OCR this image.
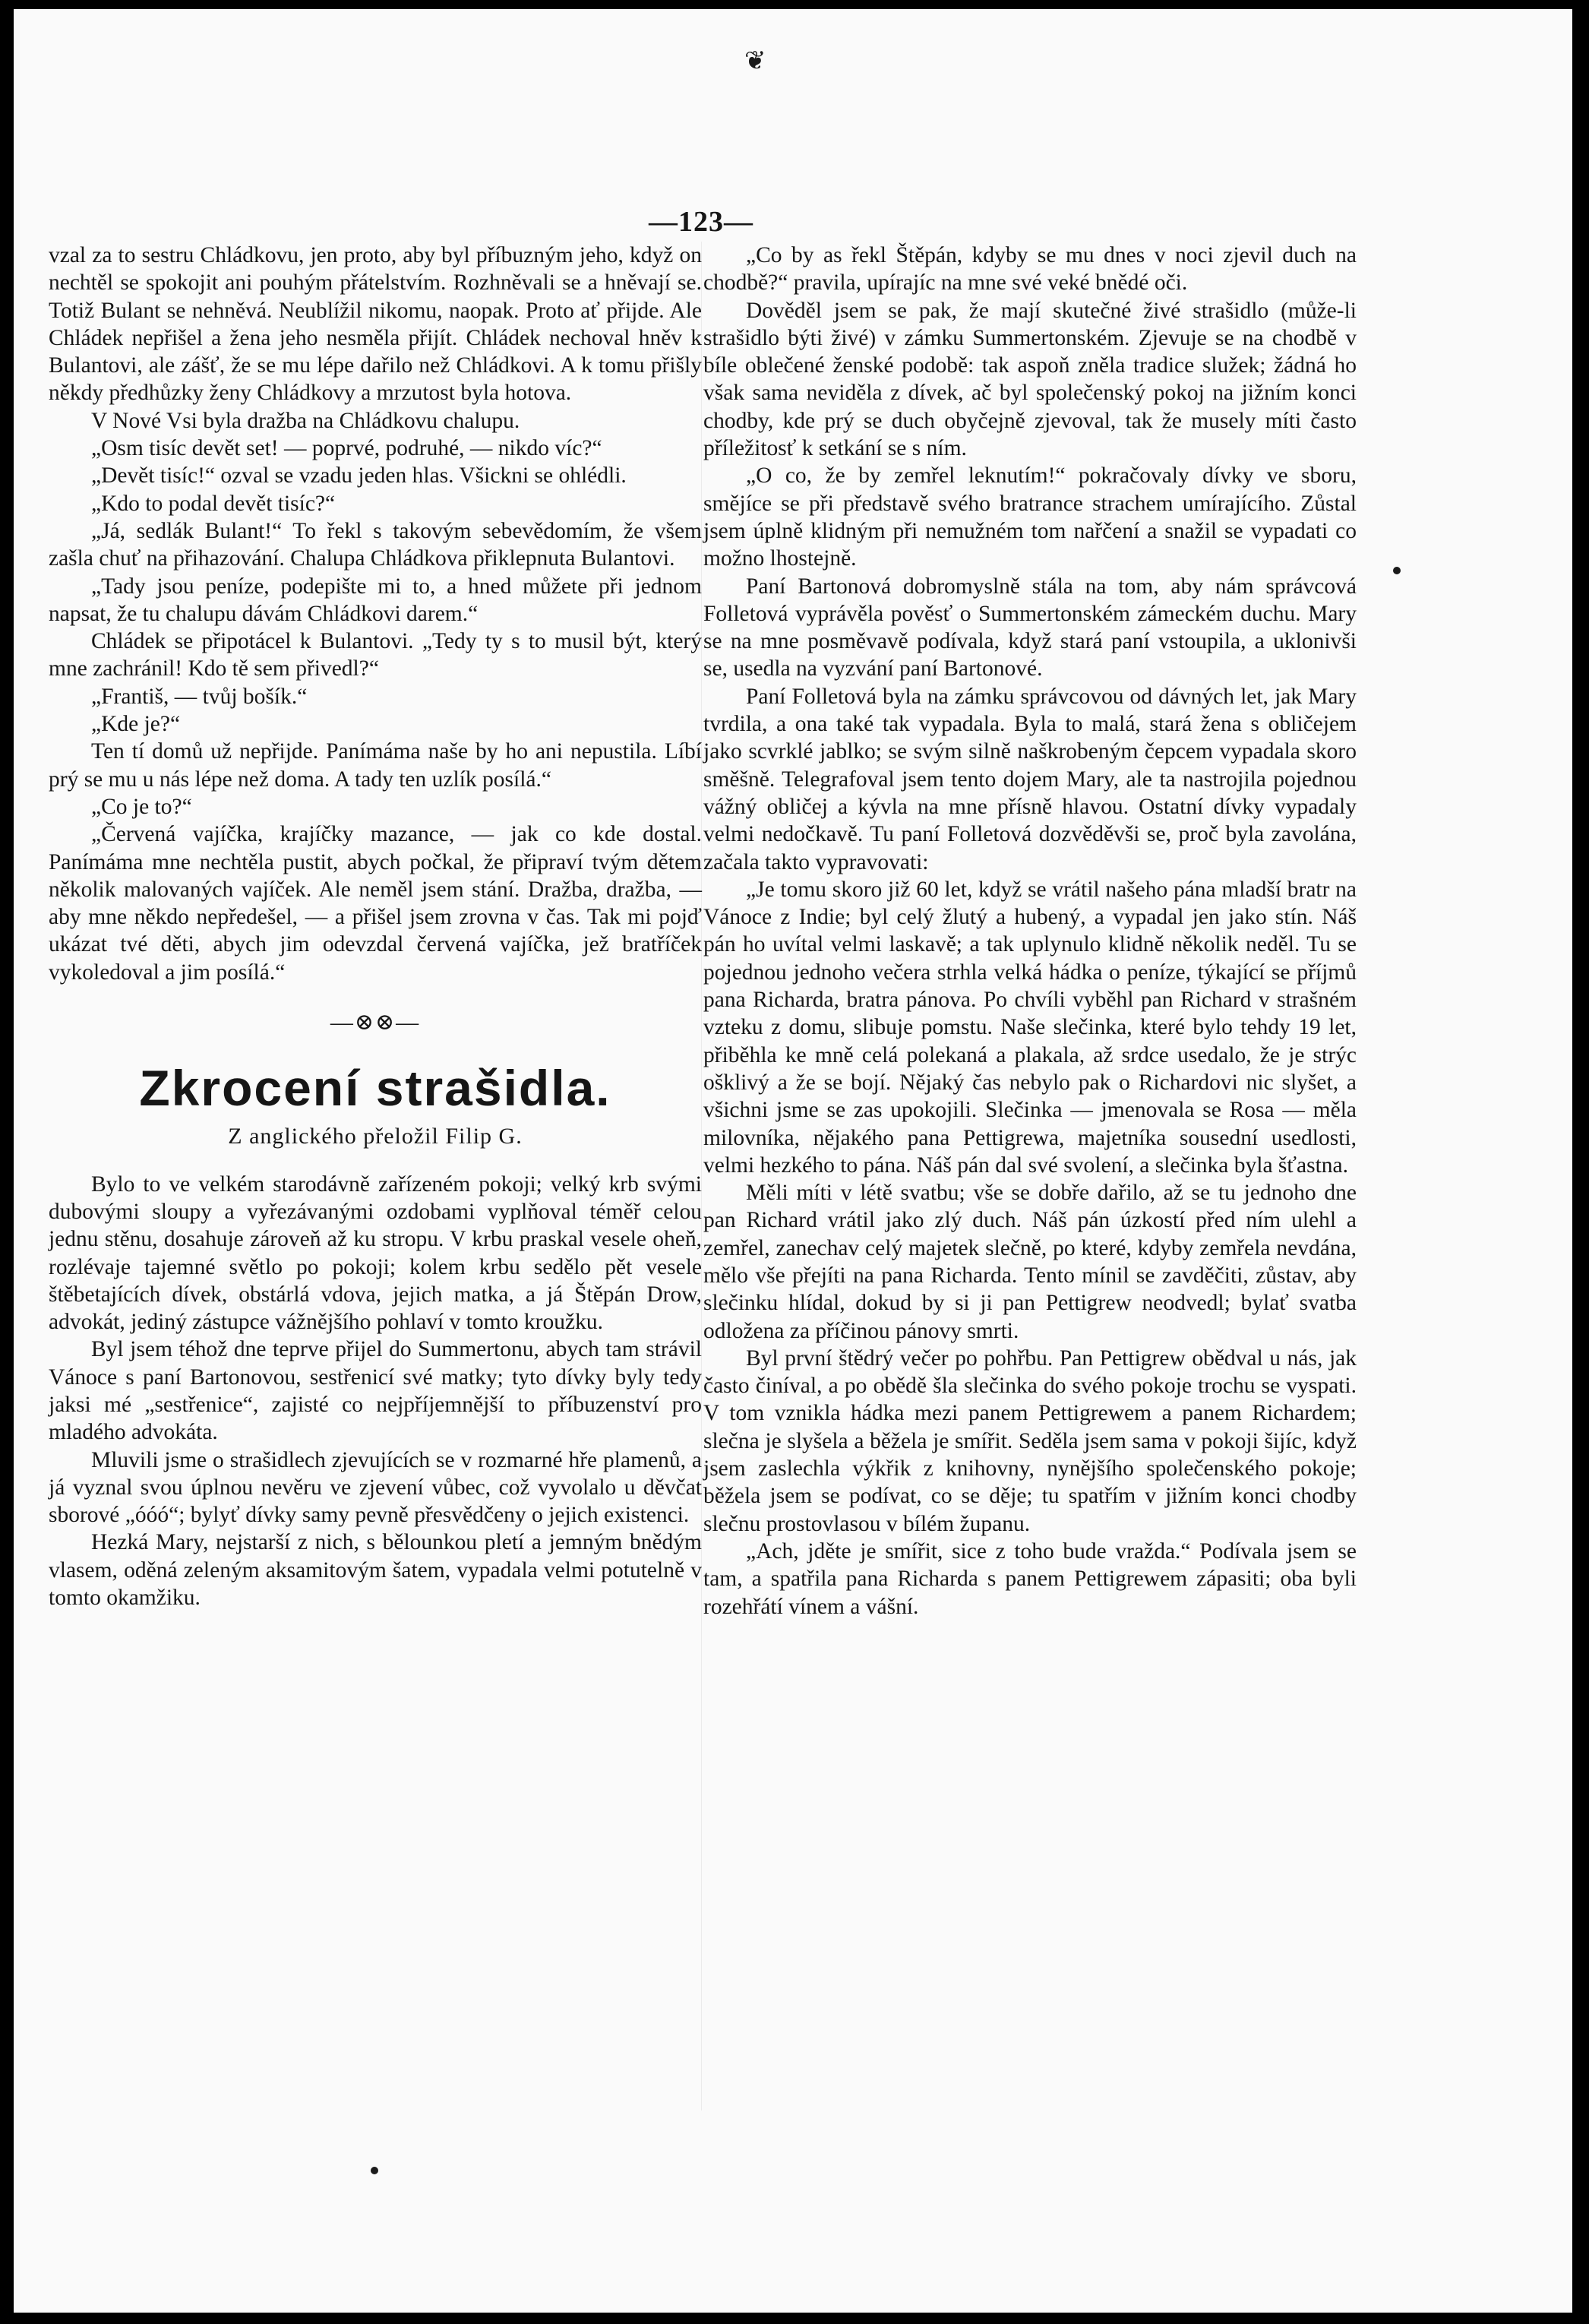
❦
—123—

vzal za to sestru Chládkovu, jen proto, aby byl příbuzným jeho, když on nechtěl se spokojit ani pouhým přátelstvím. Rozhněvali se a hněvají se. Totiž Bulant se nehněvá. Neublížil nikomu, naopak. Proto ať přijde. Ale Chládek nepřišel a žena jeho nesměla přijít. Chládek nechoval hněv k Bulantovi, ale zášť, že se mu lépe dařilo než Chládkovi. A k tomu přišly někdy předhůzky ženy Chládkovy a mrzutost byla hotova.

V Nové Vsi byla dražba na Chládkovu chalupu.

„Osm tisíc devět set! — poprvé, podruhé, — nikdo víc?“

„Devět tisíc!“ ozval se vzadu jeden hlas. Všickni se ohlédli.

„Kdo to podal devět tisíc?“

„Já, sedlák Bulant!“ To řekl s takovým sebevědomím, že všem zašla chuť na přihazování. Chalupa Chládkova přiklepnuta Bulantovi.

„Tady jsou peníze, podepište mi to, a hned můžete při jednom napsat, že tu chalupu dávám Chládkovi darem.“

Chládek se připotácel k Bulantovi. „Tedy ty s to musil být, který mne zachránil! Kdo tě sem přivedl?“

„Františ, — tvůj bošík.“

„Kde je?“

Ten tí domů už nepřijde. Panímáma naše by ho ani nepustila. Líbí prý se mu u nás lépe než doma. A tady ten uzlík posílá.“

„Co je to?“

„Červená vajíčka, krajíčky mazance, — jak co kde dostal. Panímáma mne nechtěla pustit, abych počkal, že připraví tvým dětem několik malovaných vajíček. Ale neměl jsem stání. Dražba, dražba, — aby mne někdo nepředešel, — a přišel jsem zrovna v čas. Tak mi pojď ukázat tvé děti, abych jim odevzdal červená vajíčka, jež bratříček vykoledoval a jim posílá.“

—⊗⊗—
Zkrocení strašidla.
Z anglického přeložil Filip G.

Bylo to ve velkém starodávně zařízeném pokoji; velký krb svými dubovými sloupy a vyřezávanými ozdobami vyplňoval téměř celou jednu stěnu, dosahuje zároveň až ku stropu. V krbu praskal vesele oheň, rozlévaje tajemné světlo po pokoji; kolem krbu sedělo pět vesele štěbetajících dívek, obstárlá vdova, jejich matka, a já Štěpán Drow, advokát, jediný zástupce vážnějšího pohlaví v tomto kroužku.

Byl jsem téhož dne teprve přijel do Summertonu, abych tam strávil Vánoce s paní Bartonovou, sestřenicí své matky; tyto dívky byly tedy jaksi mé „sestřenice“, zajisté co nejpříjemnější to příbuzenství pro mladého advokáta.

Mluvili jsme o strašidlech zjevujících se v rozmarné hře plamenů, a já vyznal svou úplnou nevěru ve zjevení vůbec, což vyvolalo u děvčat sborové „óóó“; bylyť dívky samy pevně přesvědčeny o jejich existenci.

Hezká Mary, nejstarší z nich, s bělounkou pletí a jemným bnědým vlasem, oděná zeleným aksamitovým šatem, vypadala velmi potutelně v tomto okamžiku.

„Co by as řekl Štěpán, kdyby se mu dnes v noci zjevil duch na chodbě?“ pravila, upírajíc na mne své veké bnědé oči.

Dověděl jsem se pak, že mají skutečné živé strašidlo (může-li strašidlo býti živé) v zámku Summertonském. Zjevuje se na chodbě v bíle oblečené ženské podobě: tak aspoň zněla tradice služek; žádná ho však sama neviděla z dívek, ač byl společenský pokoj na jižním konci chodby, kde prý se duch obyčejně zjevoval, tak že musely míti často příležitosť k setkání se s ním.

„O co, že by zemřel leknutím!“ pokračovaly dívky ve sboru, smějíce se při představě svého bratrance strachem umírajícího. Zůstal jsem úplně klidným při nemužném tom nařčení a snažil se vypadati co možno lhostejně.

Paní Bartonová dobromyslně stála na tom, aby nám správcová Folletová vyprávěla pověsť o Summertonském zámeckém duchu. Mary se na mne posměvavě podívala, když stará paní vstoupila, a uklonivši se, usedla na vyzvání paní Bartonové.

Paní Folletová byla na zámku správcovou od dávných let, jak Mary tvrdila, a ona také tak vypadala. Byla to malá, stará žena s obličejem jako scvrklé jablko; se svým silně naškrobeným čepcem vypadala skoro směšně. Telegrafoval jsem tento dojem Mary, ale ta nastrojila pojednou vážný obličej a kývla na mne přísně hlavou. Ostatní dívky vypadaly velmi nedočkavě. Tu paní Folletová dozvěděvši se, proč byla zavolána, začala takto vypravovati:

„Je tomu skoro již 60 let, když se vrátil našeho pána mladší bratr na Vánoce z Indie; byl celý žlutý a hubený, a vypadal jen jako stín. Náš pán ho uvítal velmi laskavě; a tak uplynulo klidně několik neděl. Tu se pojednou jednoho večera strhla velká hádka o peníze, týkající se příjmů pana Richarda, bratra pánova. Po chvíli vyběhl pan Richard v strašném vzteku z domu, slibuje pomstu. Naše slečinka, které bylo tehdy 19 let, přiběhla ke mně celá polekaná a plakala, až srdce usedalo, že je strýc ošklivý a že se bojí. Nějaký čas nebylo pak o Richardovi nic slyšet, a všichni jsme se zas upokojili. Slečinka — jmenovala se Rosa — měla milovníka, nějakého pana Pettigrewa, majetníka sousední usedlosti, velmi hezkého to pána. Náš pán dal své svolení, a slečinka byla šťastna.

Měli míti v létě svatbu; vše se dobře dařilo, až se tu jednoho dne pan Richard vrátil jako zlý duch. Náš pán úzkostí před ním ulehl a zemřel, zanechav celý majetek slečně, po které, kdyby zemřela nevdána, mělo vše přejíti na pana Richarda. Tento mínil se zavděčiti, zůstav, aby slečinku hlídal, dokud by si ji pan Pettigrew neodvedl; bylať svatba odložena za příčinou pánovy smrti.

Byl první štědrý večer po pohřbu. Pan Pettigrew obědval u nás, jak často činíval, a po obědě šla slečinka do svého pokoje trochu se vyspati. V tom vznikla hádka mezi panem Pettigrewem a panem Richardem; slečna je slyšela a běžela je smířit. Seděla jsem sama v pokoji šijíc, když jsem zaslechla výkřik z knihovny, nynějšího společenského pokoje; běžela jsem se podívat, co se děje; tu spatřím v jižním konci chodby slečnu prostovlasou v bílém županu.

„Ach, jděte je smířit, sice z toho bude vražda.“ Podívala jsem se tam, a spatřila pana Richarda s panem Pettigrewem zápasiti; oba byli rozehřátí vínem a vášní.
